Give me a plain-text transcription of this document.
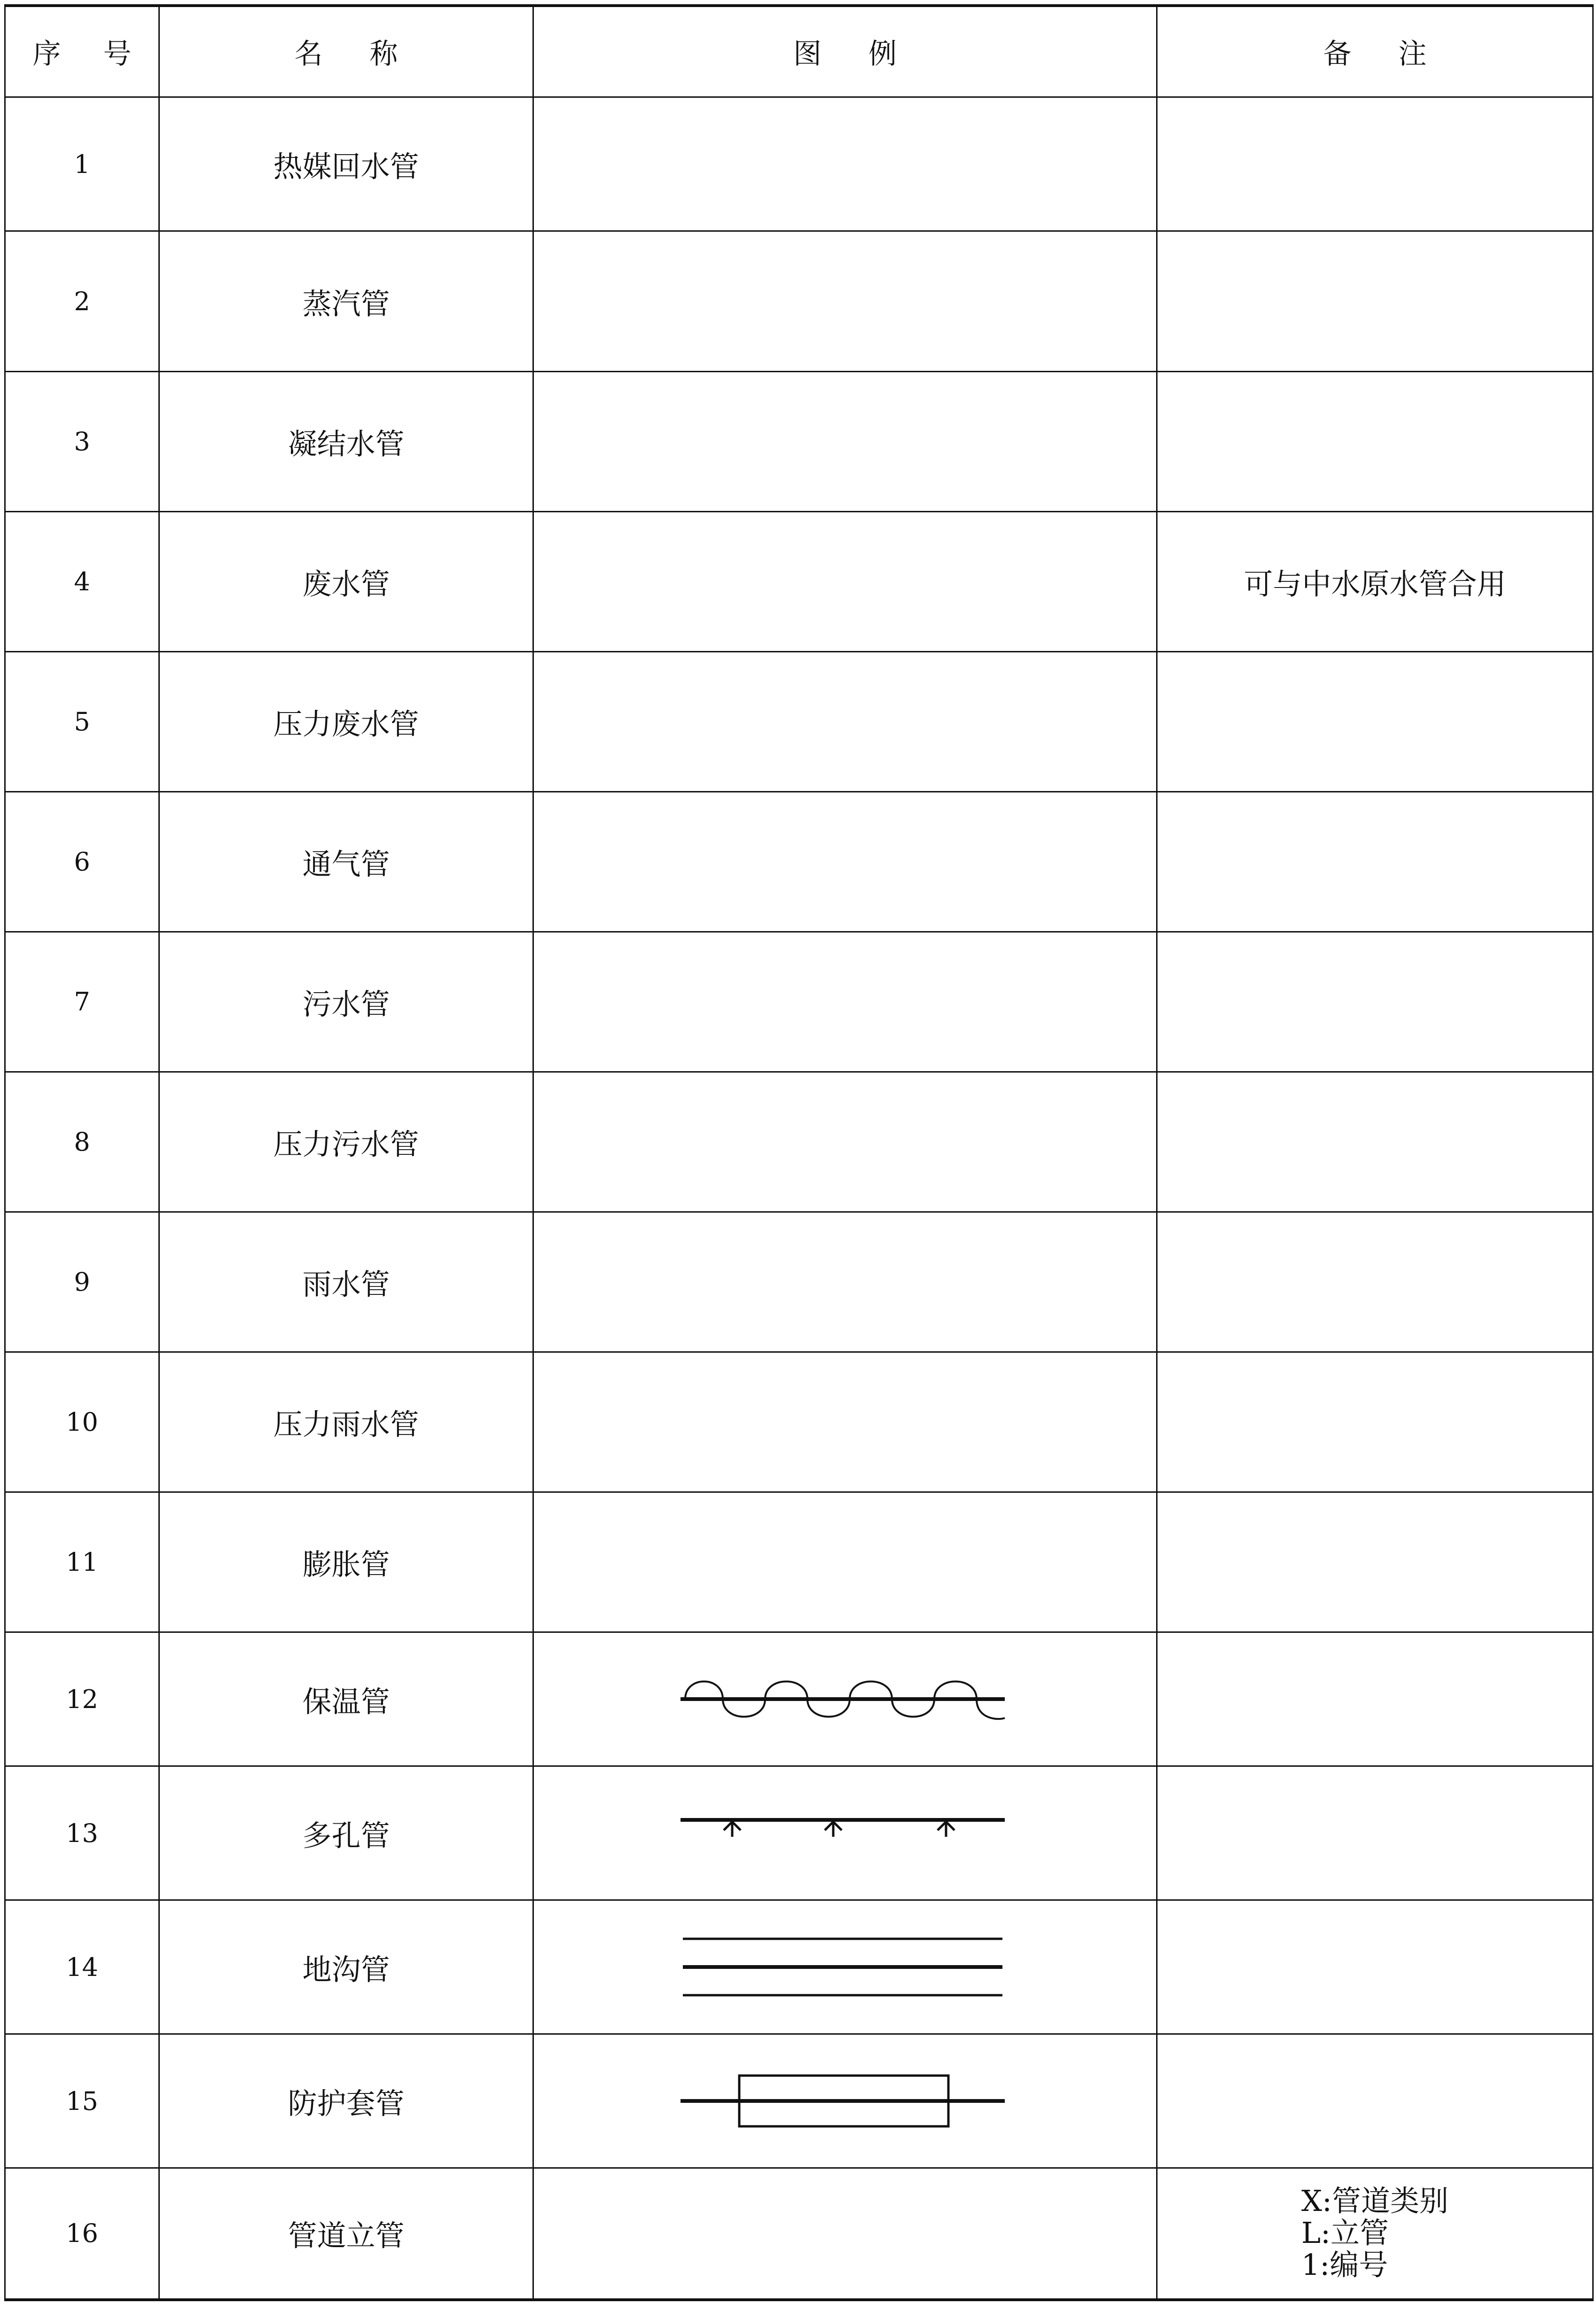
序 号	名 称	图 例	备 注
1	热媒回水管		
2	蒸汽管		
3	凝结水管		
4	废水管		可与中水原水管合用
5	压力废水管		
6	通气管		
7	污水管		
8	压力污水管		
9	雨水管		
10	压力雨水管		
11	膨胀管		
12	保温管	

13	多孔管	

14	地沟管	

15	防护套管	

16	管道立管		X:管道类别
L:立管
1:编号
